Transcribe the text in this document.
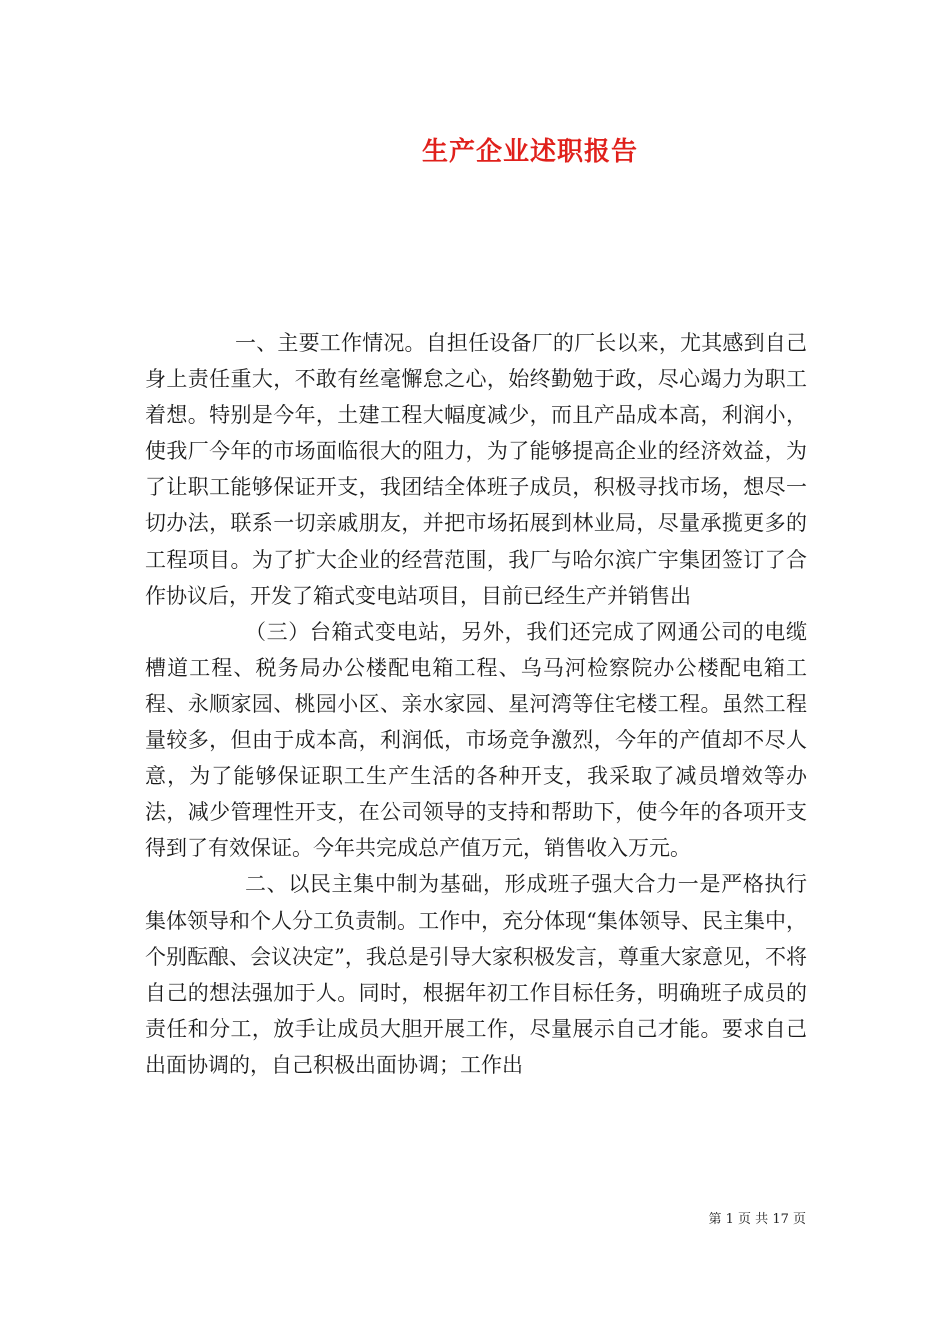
生产企业述职报告

一、主要工作情况。自担任设备厂的厂长以来，尤其感到自己身上责任重大，不敢有丝毫懈怠之心，始终勤勉于政，尽心竭力为职工着想。特别是今年，土建工程大幅度减少，而且产品成本高，利润小，使我厂今年的市场面临很大的阻力，为了能够提高企业的经济效益，为了让职工能够保证开支，我团结全体班子成员，积极寻找市场，想尽一切办法，联系一切亲戚朋友，并把市场拓展到林业局，尽量承揽更多的工程项目。为了扩大企业的经营范围，我厂与哈尔滨广宇集团签订了合作协议后，开发了箱式变电站项目，目前已经生产并销售出

（三）台箱式变电站，另外，我们还完成了网通公司的电缆槽道工程、税务局办公楼配电箱工程、乌马河检察院办公楼配电箱工程、永顺家园、桃园小区、亲水家园、星河湾等住宅楼工程。虽然工程量较多，但由于成本高，利润低，市场竞争激烈，今年的产值却不尽人意，为了能够保证职工生产生活的各种开支，我采取了减员增效等办法，减少管理性开支，在公司领导的支持和帮助下，使今年的各项开支得到了有效保证。今年共完成总产值万元，销售收入万元。

二、以民主集中制为基础，形成班子强大合力一是严格执行集体领导和个人分工负责制。工作中，充分体现“集体领导、民主集中，个别酝酿、会议决定”，我总是引导大家积极发言，尊重大家意见，不将自己的想法强加于人。同时，根据年初工作目标任务，明确班子成员的责任和分工，放手让成员大胆开展工作，尽量展示自己才能。要求自己出面协调的，自己积极出面协调；工作出

第 1 页 共 17 页
